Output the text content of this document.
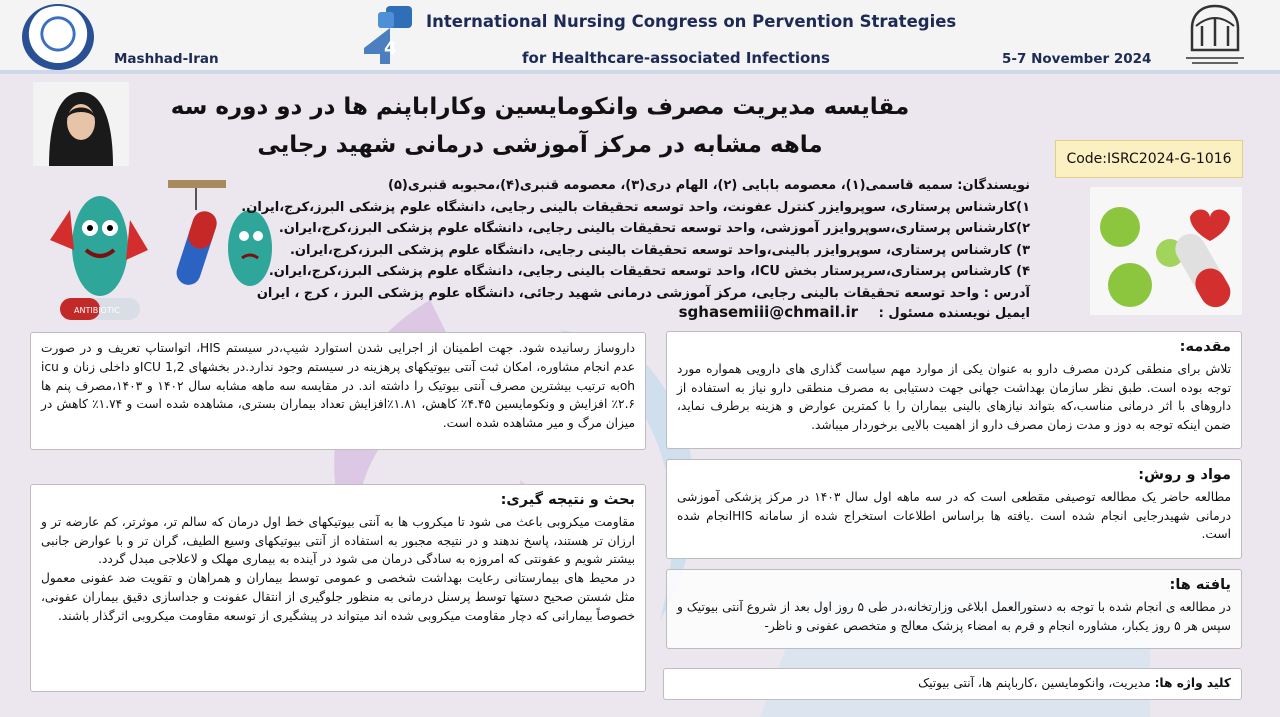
4
International Nursing Congress on Pervention Strategies
for Healthcare-associated Infections
Mashhad-Iran	5-7 November 2024
مقایسه مدیریت مصرف وانکومایسین وکاراباپنم ها در دو دوره سه ماهه مشابه در مرکز آموزشی درمانی شهید رجایی
Code:ISRC2024-G-1016
ANTIBIOTIC
نویسندگان: سمیه قاسمی(۱)، معصومه بابایی (۲)، الهام دری(۳)، معصومه قنبری(۴)،محبوبه قنبری(۵)
۱)کارشناس پرستاری، سوپروایزر کنترل عفونت، واحد توسعه تحقیقات بالینی رجایی، دانشگاه علوم پزشکی البرز،کرج،ایران.
۲)کارشناس پرستاری،سوپروایزر آموزشی، واحد توسعه تحقیقات بالینی رجایی، دانشگاه علوم پزشکی البرز،کرج،ایران.
۳) کارشناس پرستاری، سوپروایزر بالینی،واحد توسعه تحقیقات بالینی رجایی، دانشگاه علوم پزشکی البرز،کرج،ایران.
۴) کارشناس پرستاری،سرپرستار بخش ICU، واحد توسعه تحقیقات بالینی رجایی، دانشگاه علوم پزشکی البرز،کرج،ایران.
آدرس : واحد توسعه تحقیقات بالینی رجایی، مرکز آموزشی درمانی شهید رجائی، دانشگاه علوم پزشکی البرز ، کرج ، ایران
ایمیل نویسنده مسئول : sghasemiii@chmail.ir
مقدمه:

تلاش برای منطقی کردن مصرف دارو به عنوان یکی از موارد مهم سیاست گذاری های دارویی همواره مورد توجه بوده است. طبق نظر سازمان بهداشت جهانی جهت دستیابی به مصرف منطقی دارو نیاز به استفاده از داروهای با اثر درمانی مناسب،که بتواند نیازهای بالینی بیماران را با کمترین عوارض و هزینه برطرف نماید، ضمن اینکه توجه به دوز و مدت زمان مصرف دارو از اهمیت بالایی برخوردار میباشد.

مواد و روش:

مطالعه حاضر یک مطالعه توصیفی مقطعی است که در سه ماهه اول سال ۱۴۰۳ در مرکز پزشکی آموزشی درمانی شهیدرجایی انجام شده است .یافته ها براساس اطلاعات استخراج شده از سامانه HISانجام شده است.

یافته ها:

در مطالعه ی انجام شده با توجه به دستورالعمل ابلاغی وزارتخانه،در طی ۵ روز اول بعد از شروع آنتی بیوتیک و سپس هر ۵ روز یکبار، مشاوره انجام و فرم به امضاء پزشک معالج و متخصص عفونی و ناظر-

کلید واژه ها: مدیریت، وانکومایسین ،کارباپنم ها، آنتی بیوتیک

داروساز رسانیده شود. جهت اطمینان از اجرایی شدن استوارد شیپ،در سیستم HIS، اتواستاپ تعریف و در صورت عدم انجام مشاوره، امکان ثبت آنتی بیوتیکهای پرهزینه در سیستم وجود ندارد.در بخشهای ICU 1,2و داخلی زنان و icu ohبه ترتیب بیشترین مصرف آنتی بیوتیک را داشته اند. در مقایسه سه ماهه مشابه سال ۱۴۰۲ و ۱۴۰۳،مصرف پنم ها ۲.۶٪ افزایش و ونکومایسین ۴.۴۵٪ کاهش، ۱.۸۱٪افزایش تعداد بیماران بستری، مشاهده شده است و ۱.۷۴٪ کاهش در میزان مرگ و میر مشاهده شده است.

بحث و نتیجه گیری:

مقاومت میکروبی باعث می شود تا میکروب ها به آنتی بیوتیکهای خط اول درمان که سالم تر، موثرتر، کم عارضه تر و ارزان تر هستند، پاسخ ندهند و در نتیجه مجبور به استفاده از آنتی بیوتیکهای وسیع الطیف، گران تر و با عوارض جانبی بیشتر شویم و عفونتی که امروزه به سادگی درمان می شود در آینده به بیماری مهلک و لاعلاجی مبدل گردد.

در محیط های بیمارستانی رعایت بهداشت شخصی و عمومی توسط بیماران و همراهان و تقویت ضد عفونی معمول مثل شستن صحیح دستها توسط پرسنل درمانی به منظور جلوگیری از انتقال عفونت و جداسازی دقیق بیماران عفونی، خصوصاً بیمارانی که دچار مقاومت میکروبی شده اند میتواند در پیشگیری از توسعه مقاومت میکروبی اثرگذار باشند.
